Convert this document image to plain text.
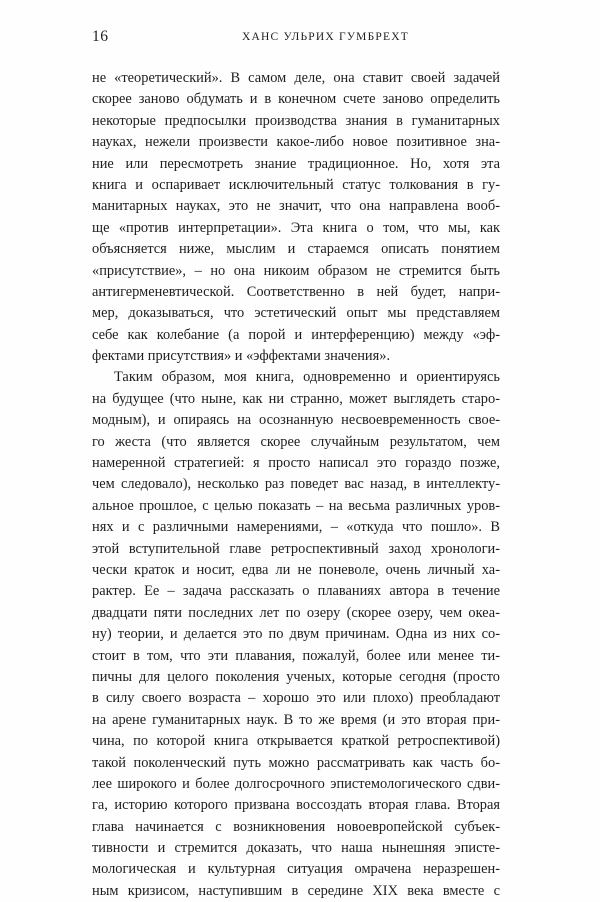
16	ХАНС УЛЬРИХ ГУМБРЕХТ
не «теоретический». В самом деле, она ставит своей задачей
скорее заново обдумать и в конечном счете заново определить
некоторые предпосылки производства знания в гуманитарных
науках, нежели произвести какое-либо новое позитивное зна-
ние или пересмотреть знание традиционное. Но, хотя эта
книга и оспаривает исключительный статус толкования в гу-
манитарных науках, это не значит, что она направлена вооб-
ще «против интерпретации». Эта книга о том, что мы, как
объясняется ниже, мыслим и стараемся описать понятием
«присутствие», – но она никоим образом не стремится быть
антигерменевтической. Соответственно в ней будет, напри-
мер, доказываться, что эстетический опыт мы представляем
себе как колебание (а порой и интерференцию) между «эф-
фектами присутствия» и «эффектами значения».
Таким образом, моя книга, одновременно и ориентируясь
на будущее (что ныне, как ни странно, может выглядеть старо-
модным), и опираясь на осознанную несвоевременность свое-
го жеста (что является скорее случайным результатом, чем
намеренной стратегией: я просто написал это гораздо позже,
чем следовало), несколько раз поведет вас назад, в интеллекту-
альное прошлое, с целью показать – на весьма различных уров-
нях и с различными намерениями, – «откуда что пошло». В
этой вступительной главе ретроспективный заход хронологи-
чески краток и носит, едва ли не поневоле, очень личный ха-
рактер. Ее – задача рассказать о плаваниях автора в течение
двадцати пяти последних лет по озеру (скорее озеру, чем океа-
ну) теории, и делается это по двум причинам. Одна из них со-
стоит в том, что эти плавания, пожалуй, более или менее ти-
пичны для целого поколения ученых, которые сегодня (просто
в силу своего возраста – хорошо это или плохо) преобладают
на арене гуманитарных наук. В то же время (и это вторая при-
чина, по которой книга открывается краткой ретроспективой)
такой поколенческий путь можно рассматривать как часть бо-
лее широкого и более долгосрочного эпистемологического сдви-
га, историю которого призвана воссоздать вторая глава. Вторая
глава начинается с возникновения новоевропейской субъек-
тивности и стремится доказать, что наша нынешняя эписте-
мологическая и культурная ситуация омрачена неразрешен-
ным кризисом, наступившим в середине XIX века вместе с
